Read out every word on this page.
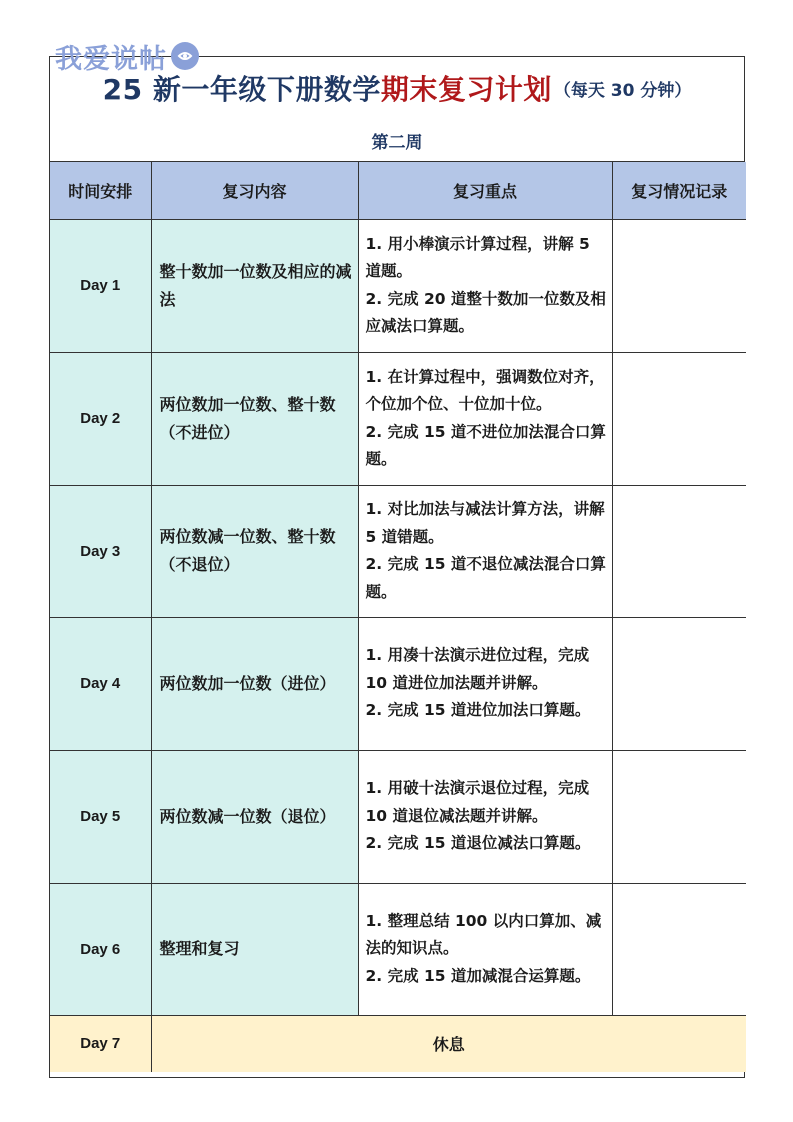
我爱说帖
25 新一年级下册数学 期末复习计划 （每天 30 分钟）
第二周
时间安排	复习内容	复习重点	复习情况记录
Day 1	整十数加一位数及相应的减法	1. 用小棒演示计算过程，讲解 5 道题。
2. 完成 20 道整十数加一位数及相应减法口算题。	

Day 2	两位数加一位数、整十数（不进位）	1. 在计算过程中，强调数位对齐，个位加个位、十位加十位。
2. 完成 15 道不进位加法混合口算题。	

Day 3	两位数减一位数、整十数（不退位）	1. 对比加法与减法计算方法，讲解 5 道错题。
2. 完成 15 道不退位减法混合口算题。	

Day 4	两位数加一位数（进位）	1. 用凑十法演示进位过程，完成 10 道进位加法题并讲解。
2. 完成 15 道进位加法口算题。	

Day 5	两位数减一位数（退位）	1. 用破十法演示退位过程，完成 10 道退位减法题并讲解。
2. 完成 15 道退位减法口算题。	

Day 6	整理和复习	1. 整理总结 100 以内口算加、减法的知识点。
2. 完成 15 道加减混合运算题。	

Day 7	休息		
